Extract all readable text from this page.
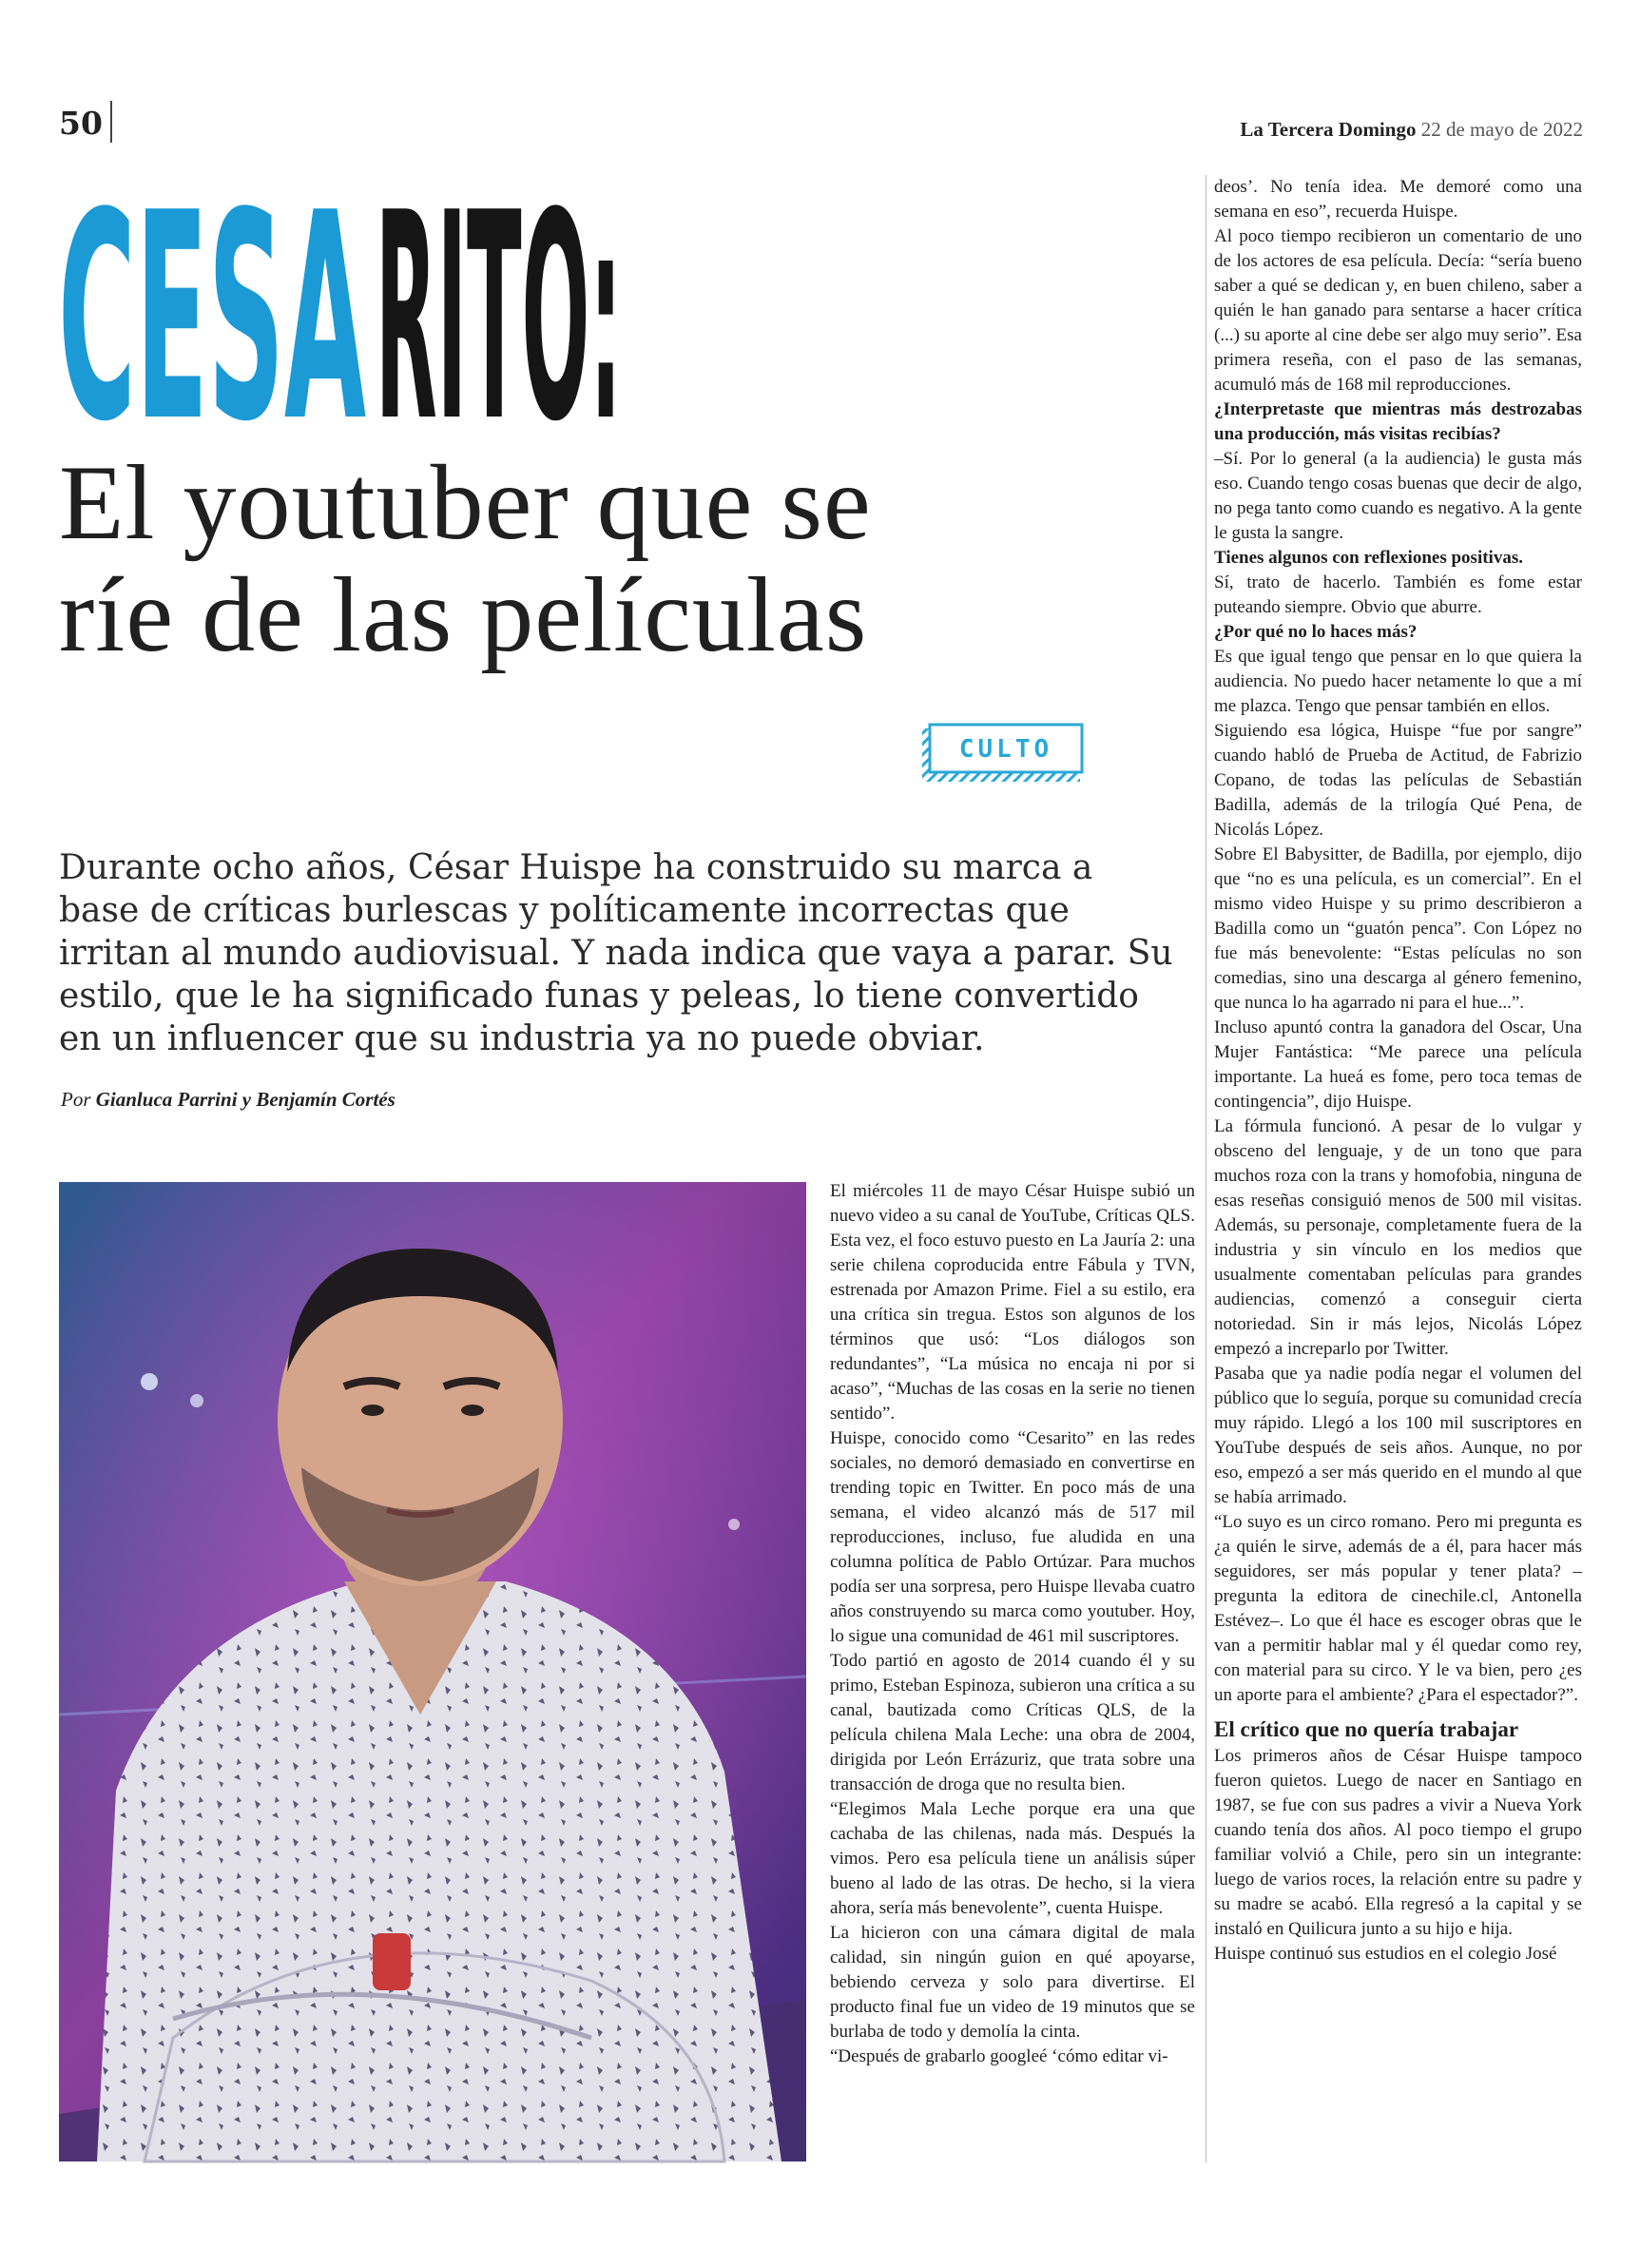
50	La Tercera Domingo 22 de mayo de 2022
CESA RITO:
El youtuber que se
ríe de las películas
CULTO
Durante ocho años, César Huispe ha construido su marca a base de críticas burlescas y políticamente incorrectas que irritan al mundo audiovisual. Y nada indica que vaya a parar. Su estilo, que le ha significado funas y peleas, lo tiene convertido en un influencer que su industria ya no puede obviar.
Por Gianluca Parrini y Benjamín Cortés

El miércoles 11 de mayo César Huispe subió un nuevo video a su canal de YouTube, Críticas QLS. Esta vez, el foco estuvo puesto en La Jauría 2: una serie chilena coproducida entre Fábula y TVN, estrenada por Amazon Prime. Fiel a su estilo, era una crítica sin tregua. Estos son algunos de los términos que usó: “Los diálogos son redundantes”, “La música no encaja ni por si acaso”, “Muchas de las cosas en la serie no tienen sentido”.

Huispe, conocido como “Cesarito” en las redes sociales, no demoró demasiado en convertirse en trending topic en Twitter. En poco más de una semana, el video alcanzó más de 517 mil reproducciones, incluso, fue aludida en una columna política de Pablo Ortúzar. Para muchos podía ser una sorpresa, pero Huispe llevaba cuatro años construyendo su marca como youtuber. Hoy, lo sigue una comunidad de 461 mil suscriptores.

Todo partió en agosto de 2014 cuando él y su primo, Esteban Espinoza, subieron una crítica a su canal, bautizada como Críticas QLS, de la película chilena Mala Leche: una obra de 2004, dirigida por León Errázuriz, que trata sobre una transacción de droga que no resulta bien.

“Elegimos Mala Leche porque era una que cachaba de las chilenas, nada más. Después la vimos. Pero esa película tiene un análisis súper bueno al lado de las otras. De hecho, si la viera ahora, sería más benevolente”, cuenta Huispe.

La hicieron con una cámara digital de mala calidad, sin ningún guion en qué apoyarse, bebiendo cerveza y solo para divertirse. El producto final fue un video de 19 minutos que se burlaba de todo y demolía la cinta.

“Después de grabarlo googleé ‘cómo editar vi-

deos’. No tenía idea. Me demoré como una semana en eso”, recuerda Huispe.

Al poco tiempo recibieron un comentario de uno de los actores de esa película. Decía: “sería bueno saber a qué se dedican y, en buen chileno, saber a quién le han ganado para sentarse a hacer crítica (...) su aporte al cine debe ser algo muy serio”. Esa primera reseña, con el paso de las semanas, acumuló más de 168 mil reproducciones.

¿Interpretaste que mientras más destrozabas una producción, más visitas recibías?

–Sí. Por lo general (a la audiencia) le gusta más eso. Cuando tengo cosas buenas que decir de algo, no pega tanto como cuando es negativo. A la gente le gusta la sangre.

Tienes algunos con reflexiones positivas.

Sí, trato de hacerlo. También es fome estar puteando siempre. Obvio que aburre.

¿Por qué no lo haces más?

Es que igual tengo que pensar en lo que quiera la audiencia. No puedo hacer netamente lo que a mí me plazca. Tengo que pensar también en ellos.

Siguiendo esa lógica, Huispe “fue por sangre” cuando habló de Prueba de Actitud, de Fabrizio Copano, de todas las películas de Sebastián Badilla, además de la trilogía Qué Pena, de Nicolás López.

Sobre El Babysitter, de Badilla, por ejemplo, dijo que “no es una película, es un comercial”. En el mismo video Huispe y su primo describieron a Badilla como un “guatón penca”. Con López no fue más benevolente: “Estas películas no son comedias, sino una descarga al género femenino, que nunca lo ha agarrado ni para el hue...”.

Incluso apuntó contra la ganadora del Oscar, Una Mujer Fantástica: “Me parece una película importante. La hueá es fome, pero toca temas de contingencia”, dijo Huispe.

La fórmula funcionó. A pesar de lo vulgar y obsceno del lenguaje, y de un tono que para muchos roza con la trans y homofobia, ninguna de esas reseñas consiguió menos de 500 mil visitas. Además, su personaje, completamente fuera de la industria y sin vínculo en los medios que usualmente comentaban películas para grandes audiencias, comenzó a conseguir cierta notoriedad. Sin ir más lejos, Nicolás López empezó a increparlo por Twitter.

Pasaba que ya nadie podía negar el volumen del público que lo seguía, porque su comunidad crecía muy rápido. Llegó a los 100 mil suscriptores en YouTube después de seis años. Aunque, no por eso, empezó a ser más querido en el mundo al que se había arrimado.

“Lo suyo es un circo romano. Pero mi pregunta es ¿a quién le sirve, además de a él, para hacer más seguidores, ser más popular y tener plata? –pregunta la editora de cinechile.cl, Antonella Estévez–. Lo que él hace es escoger obras que le van a permitir hablar mal y él quedar como rey, con material para su circo. Y le va bien, pero ¿es un aporte para el ambiente? ¿Para el espectador?”.

El crítico que no quería trabajar

Los primeros años de César Huispe tampoco fueron quietos. Luego de nacer en Santiago en 1987, se fue con sus padres a vivir a Nueva York cuando tenía dos años. Al poco tiempo el grupo familiar volvió a Chile, pero sin un integrante: luego de varios roces, la relación entre su padre y su madre se acabó. Ella regresó a la capital y se instaló en Quilicura junto a su hijo e hija.

Huispe continuó sus estudios en el colegio José
